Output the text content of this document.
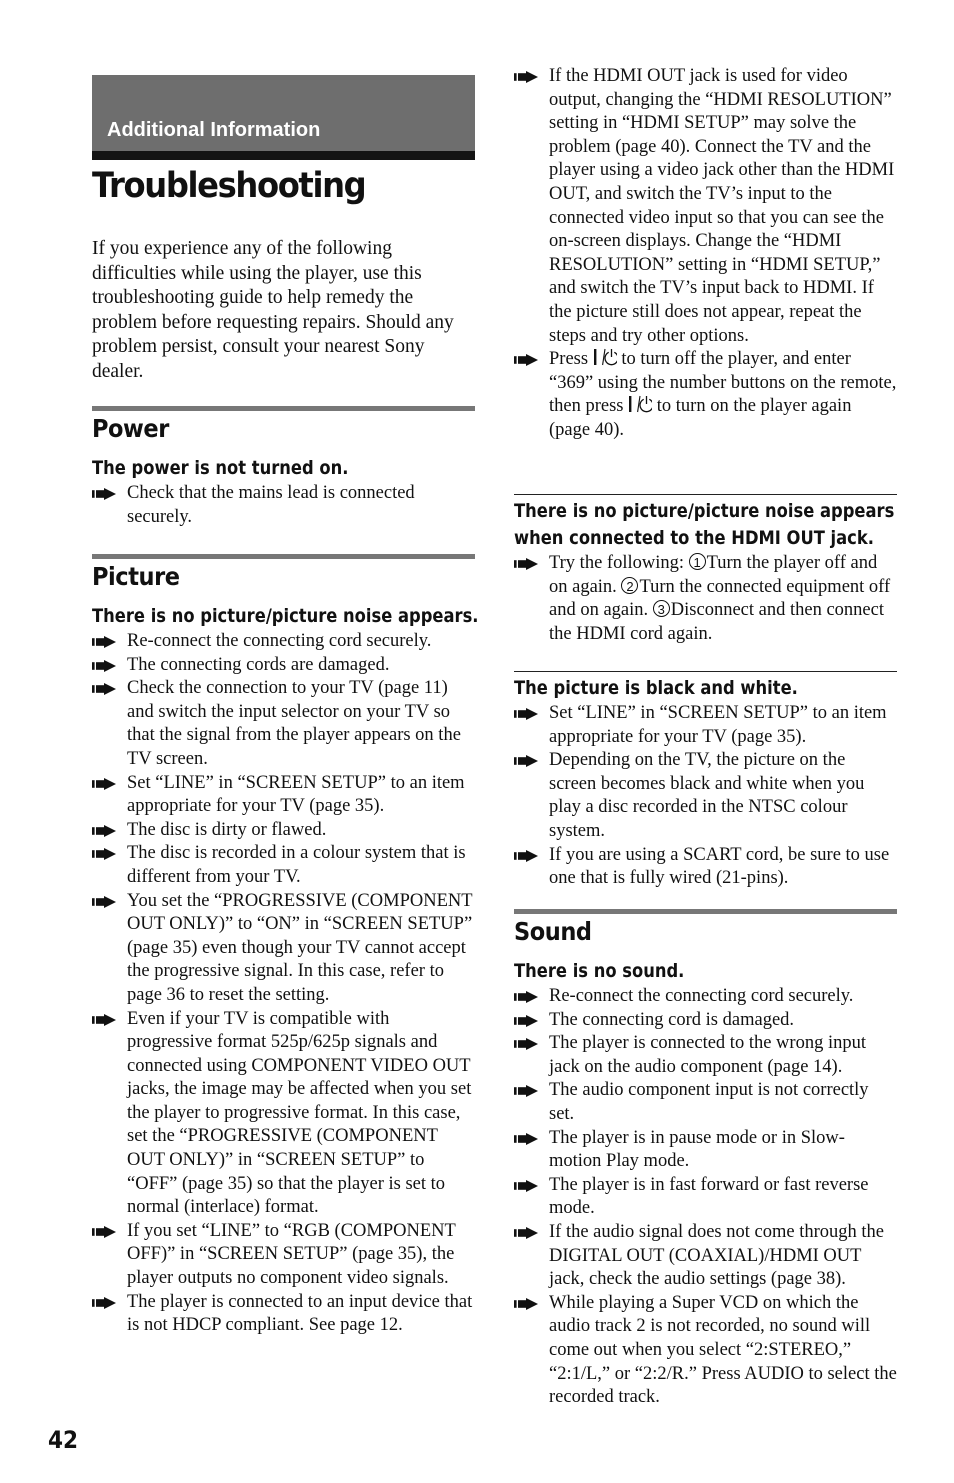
Additional Information
Troubleshooting

If you experience any of the following difficulties while using the player, use this troubleshooting guide to help remedy the problem before requesting repairs. Should any problem persist, consult your nearest Sony dealer.

Power
The power is not turned on.
Check that the mains lead is connected securely.
Picture
There is no picture/picture noise appears.
Re-connect the connecting cord securely.
The connecting cords are damaged.
Check the connection to your TV (page 11) and switch the input selector on your TV so that the signal from the player appears on the TV screen.
Set “LINE” in “SCREEN SETUP” to an item appropriate for your TV (page 35).
The disc is dirty or flawed.
The disc is recorded in a colour system that is different from your TV.
You set the “PROGRESSIVE (COMPONENT OUT ONLY)” to “ON” in “SCREEN SETUP” (page 35) even though your TV cannot accept the progressive signal. In this case, refer to page 36 to reset the setting.
Even if your TV is compatible with progressive format 525p/625p signals and connected using COMPONENT VIDEO OUT jacks, the image may be affected when you set the player to progressive format. In this case, set the “PROGRESSIVE (COMPONENT OUT ONLY)” in “SCREEN SETUP” to “OFF” (page 35) so that the player is set to normal (interlace) format.
If you set “LINE” to “RGB (COMPONENT OFF)” in “SCREEN SETUP” (page 35), the player outputs no component video signals.
The player is connected to an input device that is not HDCP compliant. See page 12.
If the HDMI OUT jack is used for video output, changing the “HDMI RESOLUTION” setting in “HDMI SETUP” may solve the problem (page 40). Connect the TV and the player using a video jack other than the HDMI OUT, and switch the TV’s input to the connected video input so that you can see the on-screen displays. Change the “HDMI RESOLUTION” setting in “HDMI SETUP,” and switch the TV’s input back to HDMI. If the picture still does not appear, repeat the steps and try other options.
Press to turn off the player, and enter “369” using the number buttons on the remote, then press to turn on the player again (page 40).
There is no picture/picture noise appears when connected to the HDMI OUT jack.
Try the following: 1 Turn the player off and on again. 2 Turn the connected equipment off and on again. 3 Disconnect and then connect the HDMI cord again.
The picture is black and white.
Set “LINE” in “SCREEN SETUP” to an item appropriate for your TV (page 35).
Depending on the TV, the picture on the screen becomes black and white when you play a disc recorded in the NTSC colour system.
If you are using a SCART cord, be sure to use one that is fully wired (21-pins).
Sound
There is no sound.
Re-connect the connecting cord securely.
The connecting cord is damaged.
The player is connected to the wrong input jack on the audio component (page 14).
The audio component input is not correctly set.
The player is in pause mode or in Slow-motion Play mode.
The player is in fast forward or fast reverse mode.
If the audio signal does not come through the DIGITAL OUT (COAXIAL)/HDMI OUT jack, check the audio settings (page 38).
While playing a Super VCD on which the audio track 2 is not recorded, no sound will come out when you select “2:STEREO,” “2:1/L,” or “2:2/R.” Press AUDIO to select the recorded track.

42
